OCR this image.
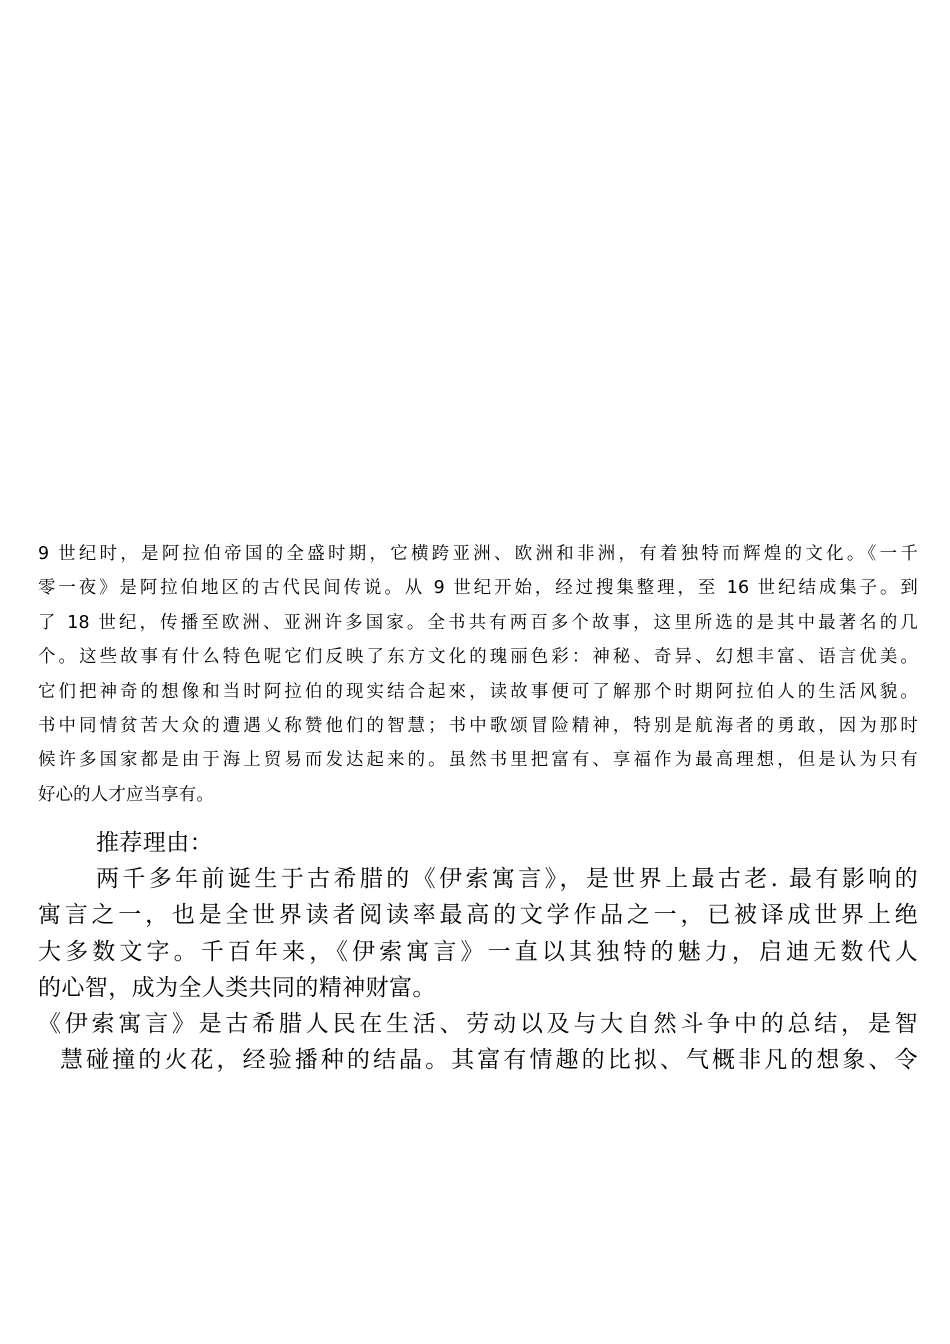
9 世纪时，是阿拉伯帝国的全盛时期，它横跨亚洲、欧洲和非洲，有着独特而辉煌的文化。《一千
零一夜》是阿拉伯地区的古代民间传说。从 9 世纪开始，经过搜集整理，至 16 世纪结成集子。到
了 18 世纪，传播至欧洲、亚洲许多国家。全书共有两百多个故事，这里所选的是其中最著名的几
个。这些故事有什么特色呢它们反映了东方文化的瑰丽色彩：神秘、奇异、幻想丰富、语言优美。
它们把神奇的想像和当时阿拉伯的现实结合起來，读故事便可了解那个时期阿拉伯人的生活风貌。
书中同情贫苦大众的遭遇乂称赞他们的智慧；书中歌颂冒险精神，特别是航海者的勇敢，因为那时
候许多国家都是由于海上贸易而发达起来的。虽然书里把富有、享福作为最高理想，但是认为只有
好心的人才应当享有。
推荐理由：
两千多年前诞生于古希腊的《伊索寓言》，是世界上最古老. 最有影响的
寓言之一，也是全世界读者阅读率最高的文学作品之一，已被译成世界上绝
大多数文字。千百年来，《伊索寓言》一直以其独特的魅力，启迪无数代人
的心智，成为全人类共同的精神财富。
《伊索寓言》是古希腊人民在生活、劳动以及与大自然斗争中的总结，是智
慧碰撞的火花，经验播种的结晶。其富有情趣的比拟、气概非凡的想象、令
